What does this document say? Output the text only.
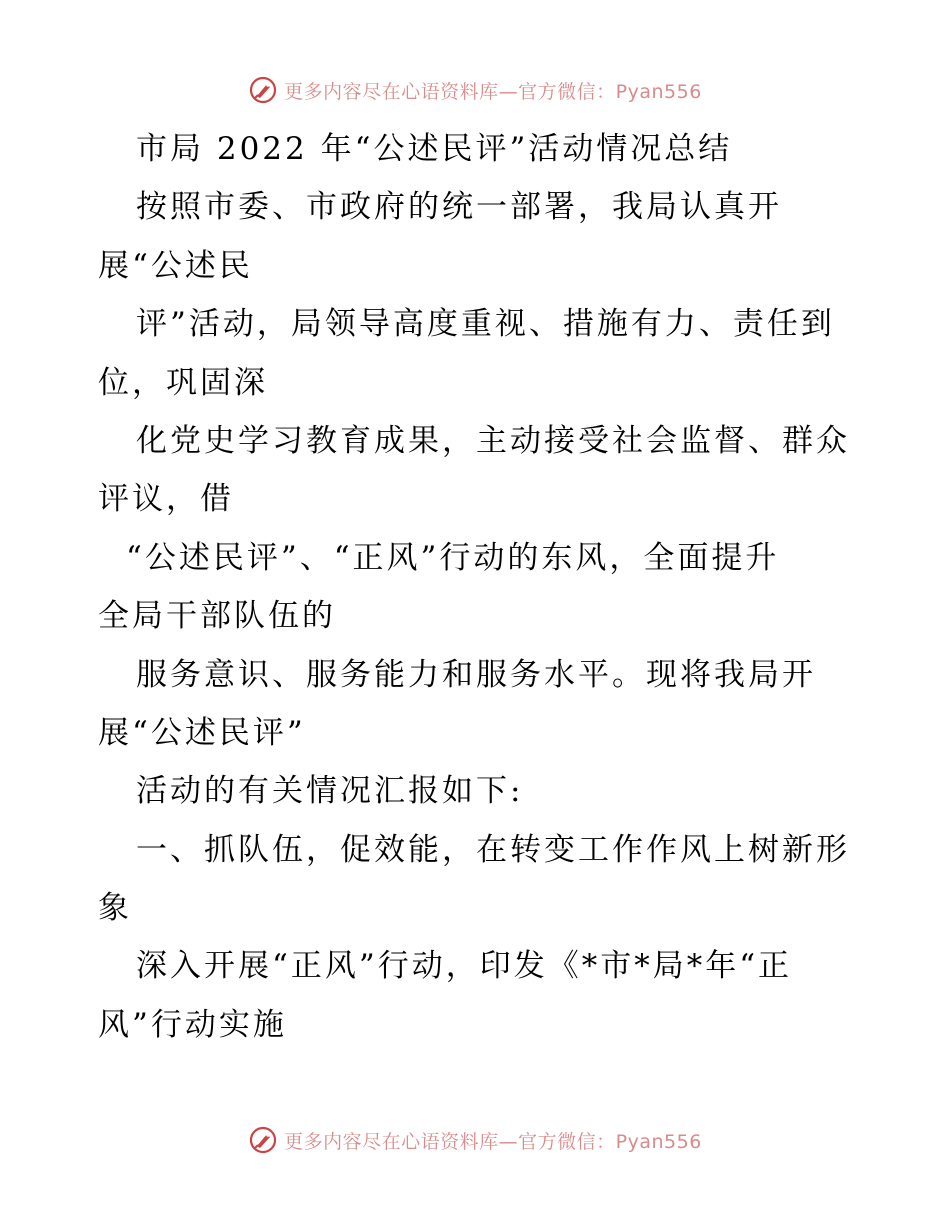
更多内容尽在心语资料库—官方微信：Pyan556
市局 2022 年“公述民评”活动情况总结
按照市委、市政府的统一部署，我局认真开
展“公述民
评”活动，局领导高度重视、措施有力、责任到
位，巩固深
化党史学习教育成果，主动接受社会监督、群众
评议，借
“公述民评”、“正风”行动的东风，全面提升
全局干部队伍的
服务意识、服务能力和服务水平。现将我局开
展“公述民评”
活动的有关情况汇报如下:
一、抓队伍，促效能，在转变工作作风上树新形
象
深入开展“正风”行动，印发《*市*局*年“正
风”行动实施
更多内容尽在心语资料库—官方微信：Pyan556
